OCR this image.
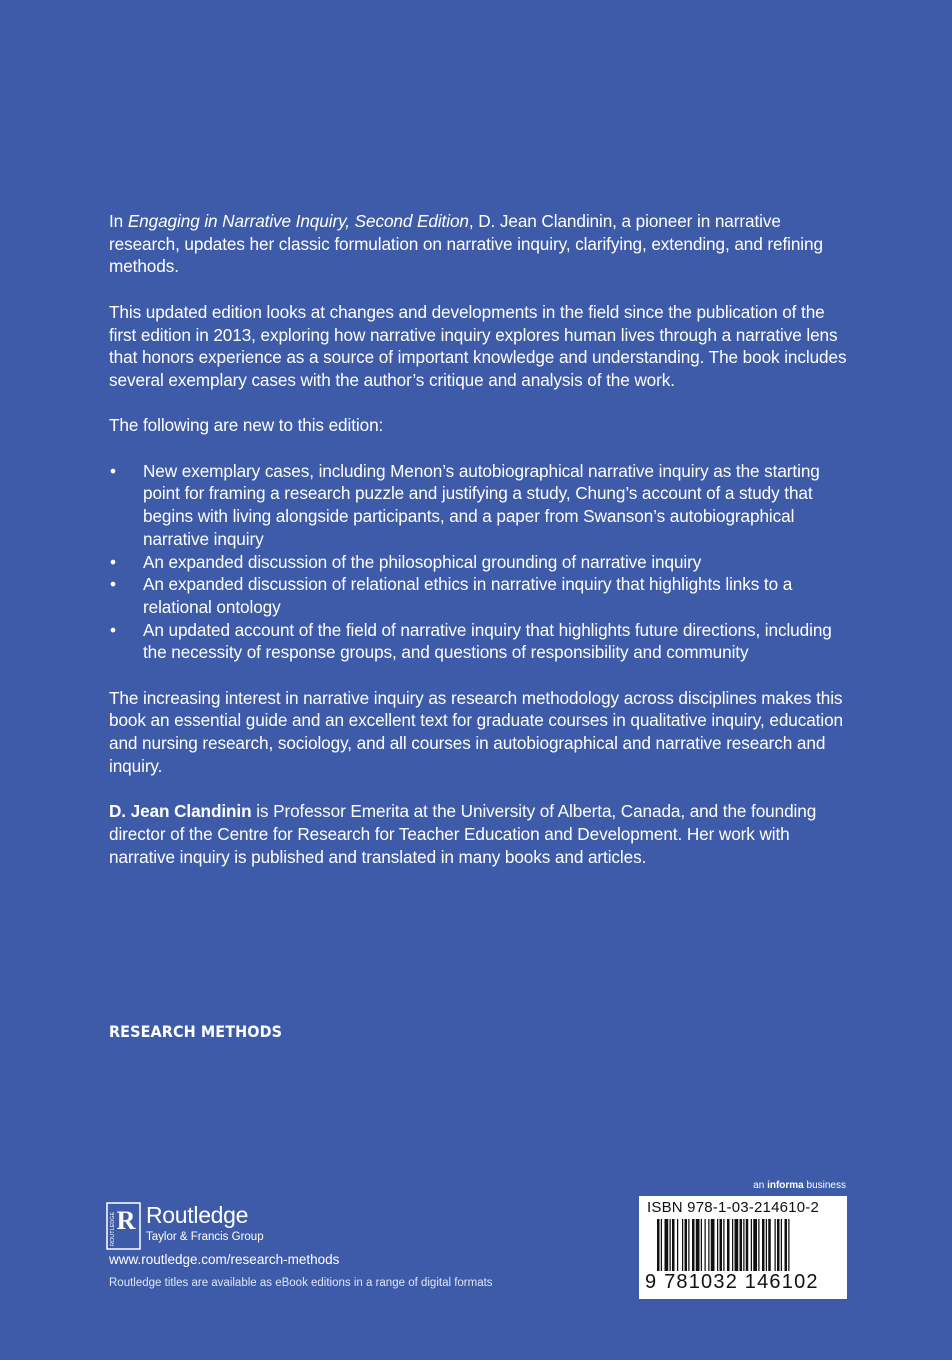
In Engaging in Narrative Inquiry, Second Edition, D. Jean Clandinin, a pioneer in narrative research, updates her classic formulation on narrative inquiry, clarifying, extending, and refining methods.

This updated edition looks at changes and developments in the field since the publication of the first edition in 2013, exploring how narrative inquiry explores human lives through a narrative lens that honors experience as a source of important knowledge and understanding. The book includes several exemplary cases with the author’s critique and analysis of the work.

The following are new to this edition:

• New exemplary cases, including Menon’s autobiographical narrative inquiry as the starting point for framing a research puzzle and justifying a study, Chung’s account of a study that begins with living alongside participants, and a paper from Swanson’s autobiographical narrative inquiry
• An expanded discussion of the philosophical grounding of narrative inquiry
• An expanded discussion of relational ethics in narrative inquiry that highlights links to a relational ontology
• An updated account of the field of narrative inquiry that highlights future directions, including the necessity of response groups, and questions of responsibility and community

The increasing interest in narrative inquiry as research methodology across disciplines makes this book an essential guide and an excellent text for graduate courses in qualitative inquiry, education and nursing research, sociology, and all courses in autobiographical and narrative research and inquiry.

D. Jean Clandinin is Professor Emerita at the University of Alberta, Canada, and the founding director of the Centre for Research for Teacher Education and Development. Her work with narrative inquiry is published and translated in many books and articles.

RESEARCH METHODS
an informa business
ISBN 978-1-03-214610-2
9 781032 146102
R
ROUTLEDGE Routledge
Taylor & Francis Group
www.routledge.com/research-methods
Routledge titles are available as eBook editions in a range of digital formats
